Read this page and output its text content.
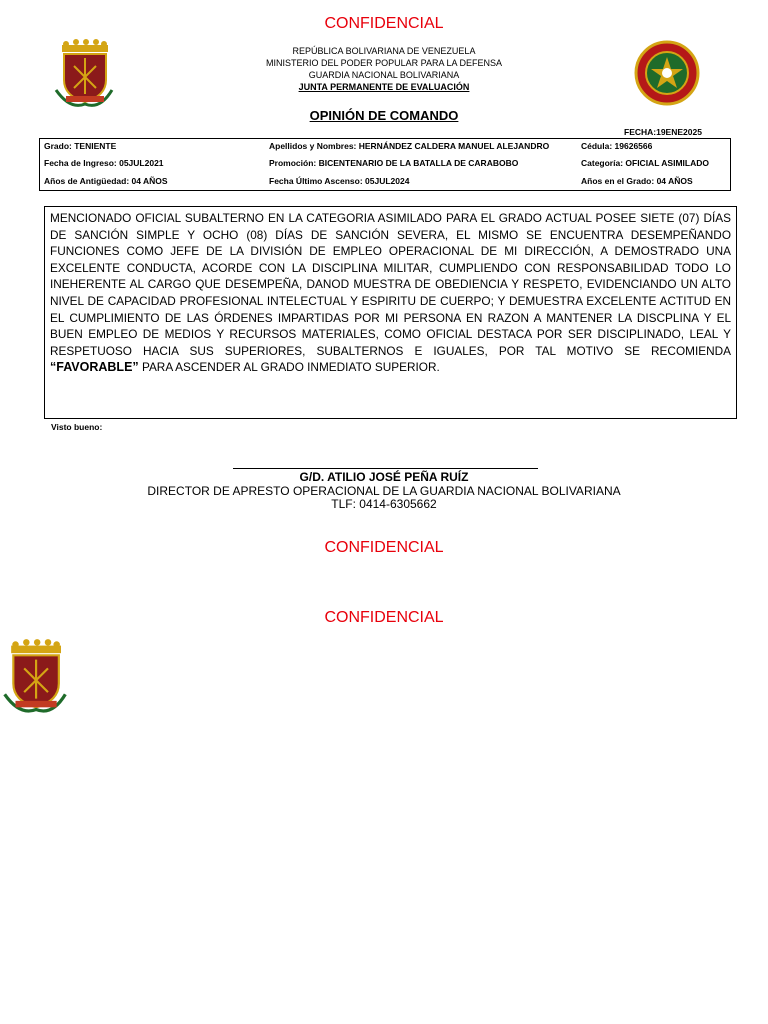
CONFIDENCIAL
REPÚBLICA BOLIVARIANA DE VENEZUELA
MINISTERIO DEL PODER POPULAR PARA LA DEFENSA
GUARDIA NACIONAL BOLIVARIANA
JUNTA PERMANENTE DE EVALUACIÓN
OPINIÓN DE COMANDO
FECHA:19ENE2025
Grado: TENIENTE	Apellidos y Nombres: HERNÁNDEZ CALDERA MANUEL ALEJANDRO	Cédula: 19626566
Fecha de Ingreso: 05JUL2021	Promoción: BICENTENARIO DE LA BATALLA DE CARABOBO	Categoría: OFICIAL ASIMILADO
Años de Antigüedad: 04 AÑOS	Fecha Último Ascenso: 05JUL2024	Años en el Grado: 04 AÑOS

MENCIONADO OFICIAL SUBALTERNO EN LA CATEGORIA ASIMILADO PARA EL GRADO ACTUAL POSEE SIETE (07) DÍAS DE SANCIÓN SIMPLE Y OCHO (08) DÍAS DE SANCIÓN SEVERA, EL MISMO SE ENCUENTRA DESEMPEÑANDO FUNCIONES COMO JEFE DE LA DIVISIÓN DE EMPLEO OPERACIONAL DE MI DIRECCIÓN, A DEMOSTRADO UNA EXCELENTE CONDUCTA, ACORDE CON LA DISCIPLINA MILITAR, CUMPLIENDO CON RESPONSABILIDAD TODO LO INEHERENTE AL CARGO QUE DESEMPEÑA, DANOD MUESTRA DE OBEDIENCIA Y RESPETO, EVIDENCIANDO UN ALTO NIVEL DE CAPACIDAD PROFESIONAL INTELECTUAL Y ESPIRITU DE CUERPO; Y DEMUESTRA EXCELENTE ACTITUD EN EL CUMPLIMIENTO DE LAS ÓRDENES IMPARTIDAS POR MI PERSONA EN RAZON A MANTENER LA DISCPLINA Y EL BUEN EMPLEO DE MEDIOS Y RECURSOS MATERIALES, COMO OFICIAL DESTACA POR SER DISCIPLINADO, LEAL Y RESPETUOSO HACIA SUS SUPERIORES, SUBALTERNOS E IGUALES, POR TAL MOTIVO SE RECOMIENDA “FAVORABLE” PARA ASCENDER AL GRADO INMEDIATO SUPERIOR.

Visto bueno:
G/D. ATILIO JOSÉ PEÑA RUÍZ
DIRECTOR DE APRESTO OPERACIONAL DE LA GUARDIA NACIONAL BOLIVARIANA
TLF: 0414-6305662
CONFIDENCIAL
CONFIDENCIAL
